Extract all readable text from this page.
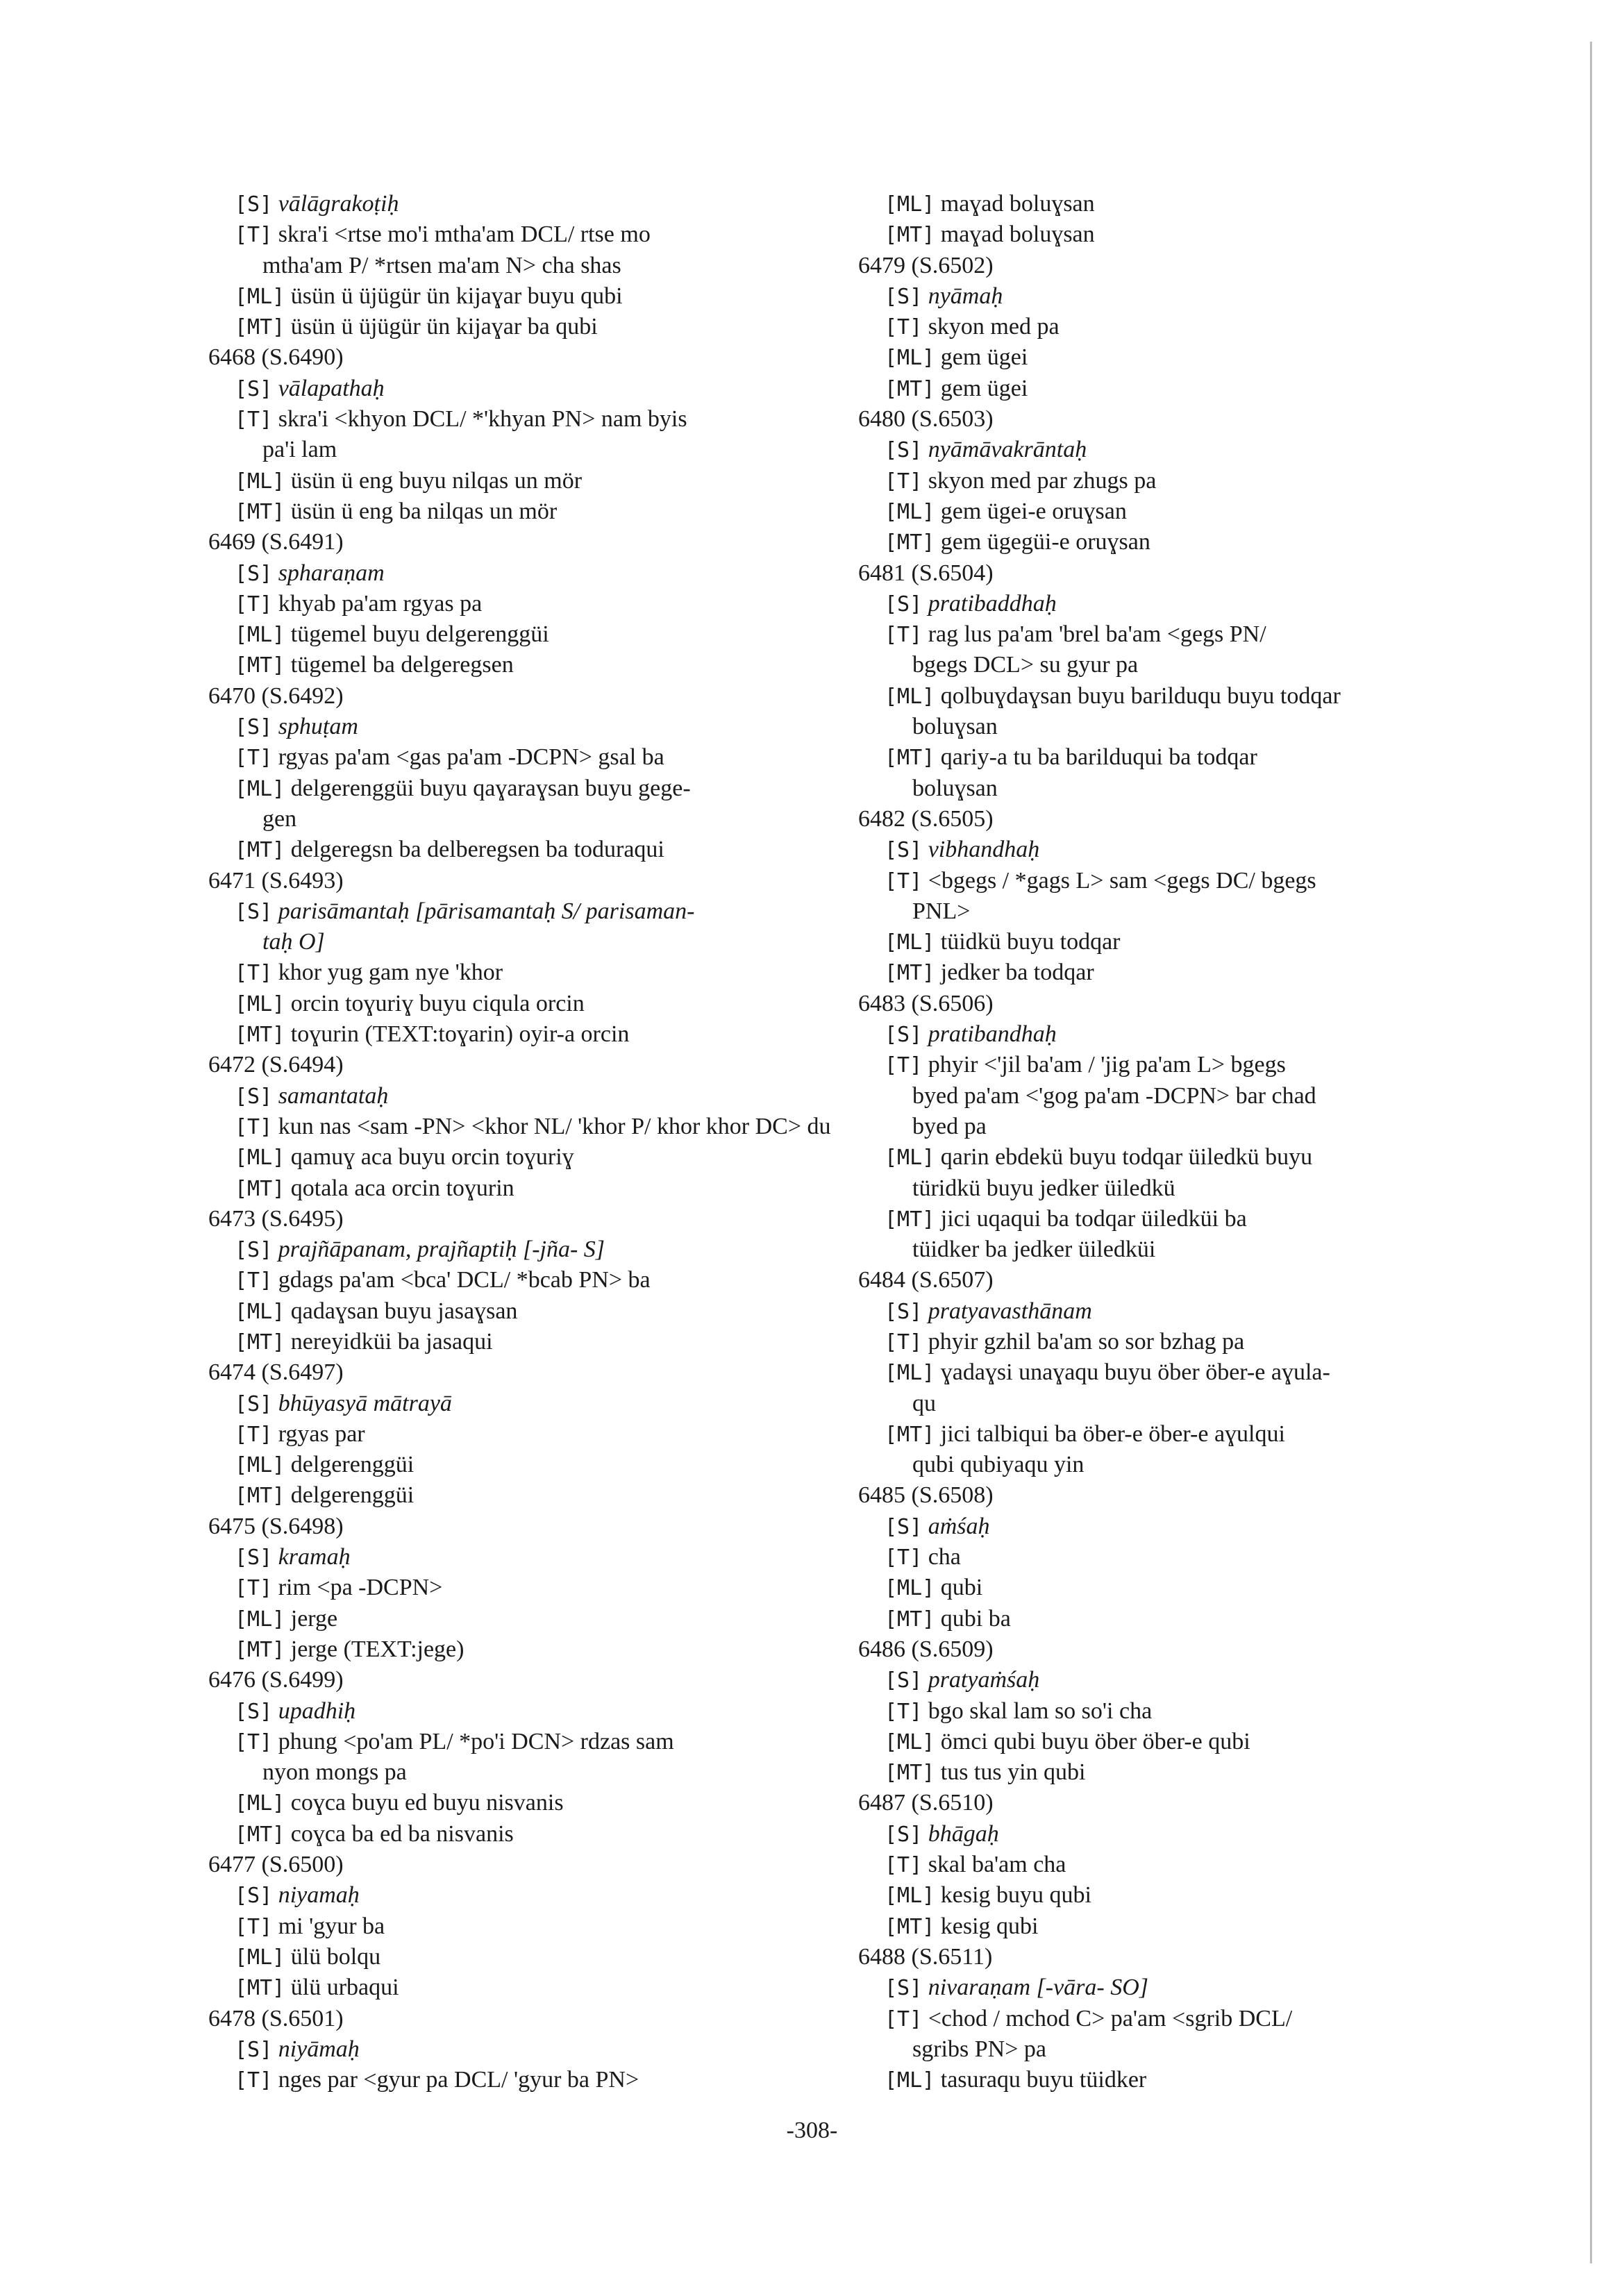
[S] vālāgrakoṭiḥ
[T] skra'i <rtse mo'i mtha'am DCL/ rtse mo
mtha'am P/ *rtsen ma'am N> cha shas
[ML] üsün ü üjügür ün kijaɣar buyu qubi
[MT] üsün ü üjügür ün kijaɣar ba qubi
6468 (S.6490)
[S] vālapathaḥ
[T] skra'i <khyon DCL/ *'khyan PN> nam byis
pa'i lam
[ML] üsün ü eng buyu nilqas un mör
[MT] üsün ü eng ba nilqas un mör
6469 (S.6491)
[S] spharaṇam
[T] khyab pa'am rgyas pa
[ML] tügemel buyu delgerenggüi
[MT] tügemel ba delgeregsen
6470 (S.6492)
[S] sphuṭam
[T] rgyas pa'am <gas pa'am -DCPN> gsal ba
[ML] delgerenggüi buyu qaɣaraɣsan buyu gege-
gen
[MT] delgeregsn ba delberegsen ba toduraqui
6471 (S.6493)
[S] parisāmantaḥ [pārisamantaḥ S/ parisaman-
taḥ O]
[T] khor yug gam nye 'khor
[ML] orcin toɣuriɣ buyu ciqula orcin
[MT] toɣurin (TEXT:toɣarin) oyir-a orcin
6472 (S.6494)
[S] samantataḥ
[T] kun nas <sam -PN> <khor NL/ 'khor P/ khor khor DC> du
[ML] qamuɣ aca buyu orcin toɣuriɣ
[MT] qotala aca orcin toɣurin
6473 (S.6495)
[S] prajñāpanam, prajñaptiḥ [-jña- S]
[T] gdags pa'am <bca' DCL/ *bcab PN> ba
[ML] qadaɣsan buyu jasaɣsan
[MT] nereyidküi ba jasaqui
6474 (S.6497)
[S] bhūyasyā mātrayā
[T] rgyas par
[ML] delgerenggüi
[MT] delgerenggüi
6475 (S.6498)
[S] kramaḥ
[T] rim <pa -DCPN>
[ML] jerge
[MT] jerge (TEXT:jege)
6476 (S.6499)
[S] upadhiḥ
[T] phung <po'am PL/ *po'i DCN> rdzas sam
nyon mongs pa
[ML] coɣca buyu ed buyu nisvanis
[MT] coɣca ba ed ba nisvanis
6477 (S.6500)
[S] niyamaḥ
[T] mi 'gyur ba
[ML] ülü bolqu
[MT] ülü urbaqui
6478 (S.6501)
[S] niyāmaḥ
[T] nges par <gyur pa DCL/ 'gyur ba PN>
[ML] maɣad boluɣsan
[MT] maɣad boluɣsan
6479 (S.6502)
[S] nyāmaḥ
[T] skyon med pa
[ML] gem ügei
[MT] gem ügei
6480 (S.6503)
[S] nyāmāvakrāntaḥ
[T] skyon med par zhugs pa
[ML] gem ügei-e oruɣsan
[MT] gem ügegüi-e oruɣsan
6481 (S.6504)
[S] pratibaddhaḥ
[T] rag lus pa'am 'brel ba'am <gegs PN/
bgegs DCL> su gyur pa
[ML] qolbuɣdaɣsan buyu barilduqu buyu todqar
boluɣsan
[MT] qariy-a tu ba barilduqui ba todqar
boluɣsan
6482 (S.6505)
[S] vibhandhaḥ
[T] <bgegs / *gags L> sam <gegs DC/ bgegs
PNL>
[ML] tüidkü buyu todqar
[MT] jedker ba todqar
6483 (S.6506)
[S] pratibandhaḥ
[T] phyir <'jil ba'am / 'jig pa'am L> bgegs
byed pa'am <'gog pa'am -DCPN> bar chad
byed pa
[ML] qarin ebdekü buyu todqar üiledkü buyu
türidkü buyu jedker üiledkü
[MT] jici uqaqui ba todqar üiledküi ba
tüidker ba jedker üiledküi
6484 (S.6507)
[S] pratyavasthānam
[T] phyir gzhil ba'am so sor bzhag pa
[ML] ɣadaɣsi unaɣaqu buyu öber öber-e aɣula-
qu
[MT] jici talbiqui ba öber-e öber-e aɣulqui
qubi qubiyaqu yin
6485 (S.6508)
[S] aṁśaḥ
[T] cha
[ML] qubi
[MT] qubi ba
6486 (S.6509)
[S] pratyaṁśaḥ
[T] bgo skal lam so so'i cha
[ML] ömci qubi buyu öber öber-e qubi
[MT] tus tus yin qubi
6487 (S.6510)
[S] bhāgaḥ
[T] skal ba'am cha
[ML] kesig buyu qubi
[MT] kesig qubi
6488 (S.6511)
[S] nivaraṇam [-vāra- SO]
[T] <chod / mchod C> pa'am <sgrib DCL/
sgribs PN> pa
[ML] tasuraqu buyu tüidker
-308-
